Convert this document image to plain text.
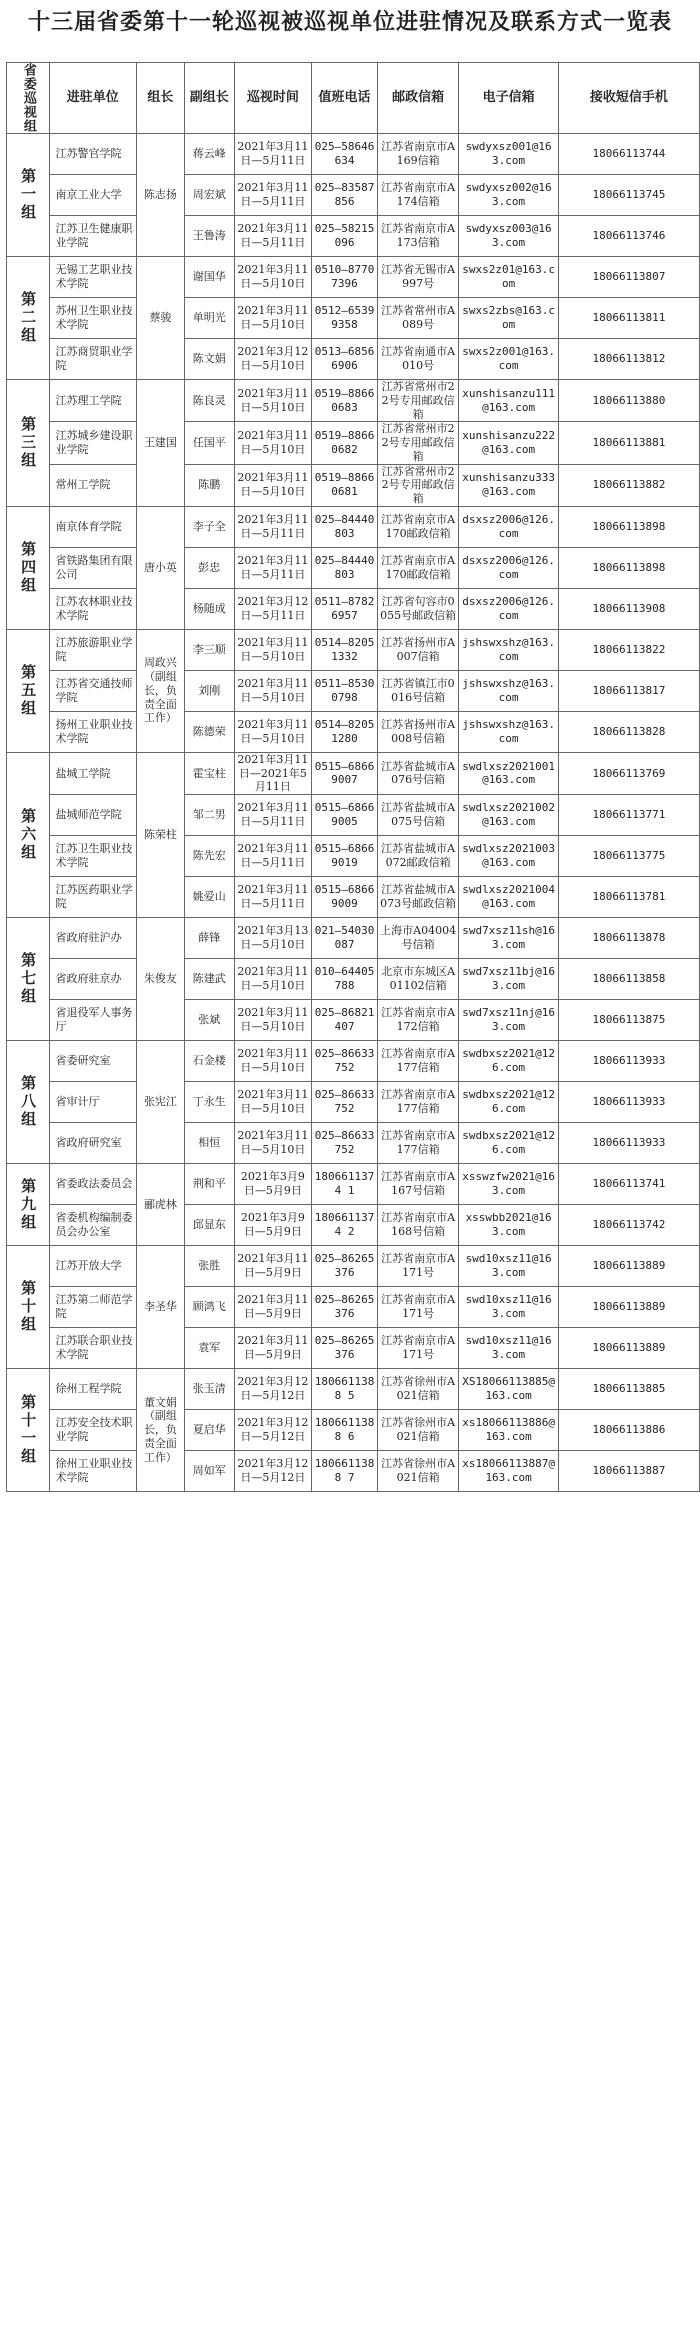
十三届省委第十一轮巡视被巡视单位进驻情况及联系方式一览表
省委巡视组	进驻单位	组长	副组长	巡视时间	值班电话	邮政信箱	电子信箱	接收短信手机

第一组	江苏警官学院	陈志扬	蒋云峰	2021年3月11日—5月11日	025—58646634	江苏省南京市A169信箱	swdyxsz001@163.com	18066113744
	南京工业大学		周宏斌	2021年3月11日—5月11日	025—83587856	江苏省南京市A174信箱	swdyxsz002@163.com	18066113745
	江苏卫生健康职业学院		王鲁涛	2021年3月11日—5月11日	025—58215096	江苏省南京市A173信箱	swdyxsz003@163.com	18066113746

第二组	无锡工艺职业技术学院	蔡骏	谢国华	2021年3月11日—5月10日	0510—87707396	江苏省无锡市A997号	swxs2z01@163.com	18066113807
	苏州卫生职业技术学院		单明光	2021年3月11日—5月10日	0512—65399358	江苏省常州市A089号	swxs2zbs@163.com	18066113811
	江苏商贸职业学院		陈文娟	2021年3月12日—5月10日	0513—68566906	江苏省南通市A010号	swxs2z001@163.com	18066113812

第三组	江苏理工学院	王建国	陈良灵	2021年3月11日—5月10日	0519—88660683	江苏省常州市22号专用邮政信箱	xunshisanzu111@163.com	18066113880
	江苏城乡建设职业学院		任国平	2021年3月11日—5月10日	0519—88660682	江苏省常州市22号专用邮政信箱	xunshisanzu222@163.com	18066113881
	常州工学院		陈鹏	2021年3月11日—5月10日	0519—88660681	江苏省常州市22号专用邮政信箱	xunshisanzu333@163.com	18066113882

第四组	南京体育学院	唐小英	李子全	2021年3月11日—5月11日	025—84440803	江苏省南京市A170邮政信箱	dsxsz2006@126.com	18066113898
	省铁路集团有限公司		彭忠	2021年3月11日—5月11日	025—84440803	江苏省南京市A170邮政信箱	dsxsz2006@126.com	18066113898
	江苏农林职业技术学院		杨随成	2021年3月12日—5月11日	0511—87826957	江苏省句容市0055号邮政信箱	dsxsz2006@126.com	18066113908

第五组	江苏旅游职业学院	周政兴（副组长，负责全面工作）	李三顺	2021年3月11日—5月10日	0514—82051332	江苏省扬州市A007信箱	jshswxshz@163.com	18066113822
	江苏省交通技师学院		刘刚	2021年3月11日—5月10日	0511—85300798	江苏省镇江市0016号信箱	jshswxshz@163.com	18066113817
	扬州工业职业技术学院		陈德荣	2021年3月11日—5月10日	0514—82051280	江苏省扬州市A008号信箱	jshswxshz@163.com	18066113828

第六组	盐城工学院	陈荣柱	霍宝柱	2021年3月11日—2021年5月11日	0515—68669007	江苏省盐城市A076号信箱	swdlxsz2021001@163.com	18066113769
	盐城师范学院		邹二男	2021年3月11日—5月11日	0515—68669005	江苏省盐城市A075号信箱	swdlxsz2021002@163.com	18066113771
	江苏卫生职业技术学院		陈先宏	2021年3月11日—5月11日	0515—68669019	江苏省盐城市A072邮政信箱	swdlxsz2021003@163.com	18066113775
	江苏医药职业学院		姚爱山	2021年3月11日—5月11日	0515—68669009	江苏省盐城市A073号邮政信箱	swdlxsz2021004@163.com	18066113781

第七组	省政府驻沪办	朱俊友	薛锋	2021年3月13日—5月10日	021—54030087	上海市A04004号信箱	swd7xsz11sh@163.com	18066113878
	省政府驻京办		陈建武	2021年3月11日—5月10日	010—64405788	北京市东城区A01102信箱	swd7xsz11bj@163.com	18066113858
	省退役军人事务厅		张斌	2021年3月11日—5月10日	025—86821407	江苏省南京市A172信箱	swd7xsz11nj@163.com	18066113875

第八组	省委研究室	张宪江	石金楼	2021年3月11日—5月10日	025—86633752	江苏省南京市A177信箱	swdbxsz2021@126.com	18066113933
	省审计厅		丁永生	2021年3月11日—5月10日	025—86633752	江苏省南京市A177信箱	swdbxsz2021@126.com	18066113933
	省政府研究室		相恒	2021年3月11日—5月10日	025—86633752	江苏省南京市A177信箱	swdbxsz2021@126.com	18066113933

第九组	省委政法委员会	郦虎林	荆和平	2021年3月9日—5月9日	1806611374 1	江苏省南京市A167号信箱	xsswzfw2021@163.com	18066113741
	省委机构编制委员会办公室		邱显东	2021年3月9日—5月9日	1806611374 2	江苏省南京市A168号信箱	xsswbb2021@163.com	18066113742

第十组	江苏开放大学	李圣华	张胜	2021年3月11日—5月9日	025—86265376	江苏省南京市A171号	swd10xsz11@163.com	18066113889
	江苏第二师范学院		顾鸿飞	2021年3月11日—5月9日	025—86265376	江苏省南京市A171号	swd10xsz11@163.com	18066113889
	江苏联合职业技术学院		袁军	2021年3月11日—5月9日	025—86265376	江苏省南京市A171号	swd10xsz11@163.com	18066113889

第十一组	徐州工程学院	董文娟（副组长，负责全面工作）	张玉清	2021年3月12日—5月12日	1806611388 5	江苏省徐州市A021信箱	XS18066113885@163.com	18066113885
	江苏安全技术职业学院		夏启华	2021年3月12日—5月12日	1806611388 6	江苏省徐州市A021信箱	xs18066113886@163.com	18066113886
	徐州工业职业技术学院		周如军	2021年3月12日—5月12日	1806611388 7	江苏省徐州市A021信箱	xs18066113887@163.com	18066113887
